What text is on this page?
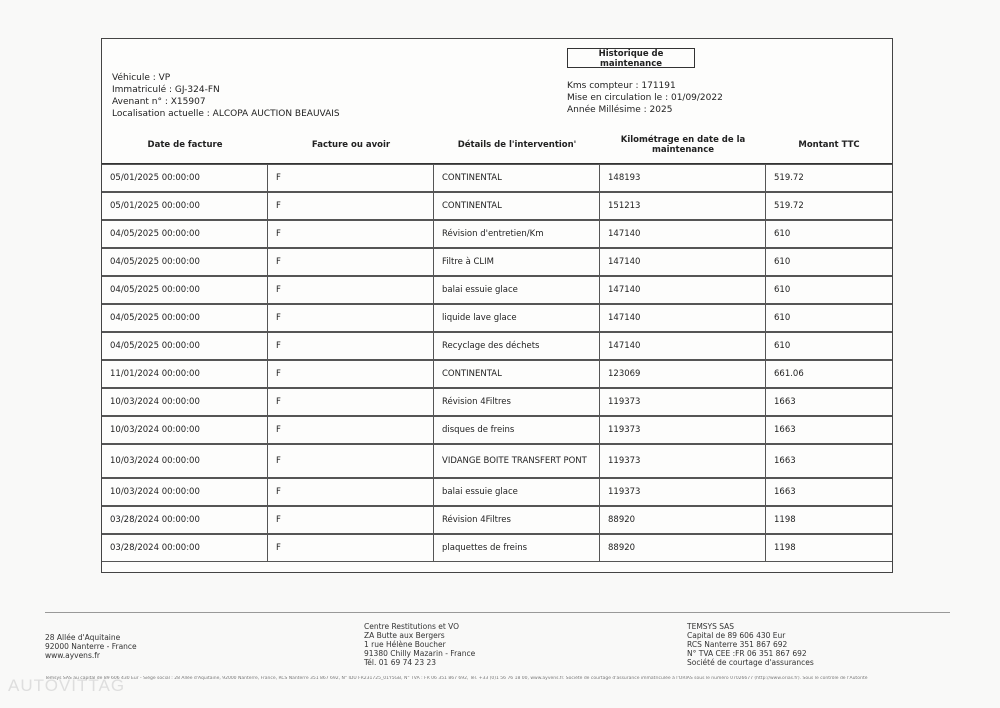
Véhicule : VP
Immatriculé : GJ-324-FN
Avenant n° : X15907
Localisation actuelle : ALCOPA AUCTION BEAUVAIS
Historique de
maintenance
Kms compteur : 171191
Mise en circulation le : 01/09/2022
Année Millésime : 2025
Date de facture	Facture ou avoir	Détails de l'intervention'	Kilométrage en date de la maintenance	Montant TTC
05/01/2025 00:00:00	F	CONTINENTAL	148193	519.72
05/01/2025 00:00:00	F	CONTINENTAL	151213	519.72
04/05/2025 00:00:00	F	Révision d'entretien/Km	147140	610
04/05/2025 00:00:00	F	Filtre à CLIM	147140	610
04/05/2025 00:00:00	F	balai essuie glace	147140	610
04/05/2025 00:00:00	F	liquide lave glace	147140	610
04/05/2025 00:00:00	F	Recyclage des déchets	147140	610
11/01/2024 00:00:00	F	CONTINENTAL	123069	661.06
10/03/2024 00:00:00	F	Révision 4Filtres	119373	1663
10/03/2024 00:00:00	F	disques de freins	119373	1663
10/03/2024 00:00:00	F	VIDANGE BOITE TRANSFERT PONT	119373	1663
10/03/2024 00:00:00	F	balai essuie glace	119373	1663
03/28/2024 00:00:00	F	Révision 4Filtres	88920	1198
03/28/2024 00:00:00	F	plaquettes de freins	88920	1198
28 Allée d'Aquitaine
92000 Nanterre - France
www.ayvens.fr
Centre Restitutions et VO
ZA Butte aux Bergers
1 rue Hélène Boucher
91380 Chilly Mazarin - France
Tél. 01 69 74 23 23
TEMSYS SAS
Capital de 89 606 430 Eur
RCS Nanterre 351 867 692
N° TVA CEE :FR 06 351 867 692
Société de courtage d'assurances
Temsys SAS au capital de 89 606 430 Eur - Siège social : 28 Allée d'Aquitaine, 92000 Nanterre, France, RCS Nanterre 351 867 692, N° IDU FR231725_01Y5GB, N° TVA : FR 06 351 867 692, Tél. +33 (0)1 56 76 18 00, www.ayvens.fr. Société de courtage d'assurance immatriculée à l'ORIAS sous le numéro 07026677 (http://www.orias.fr). Sous le contrôle de l'Autorité
AUTOVITTAG
